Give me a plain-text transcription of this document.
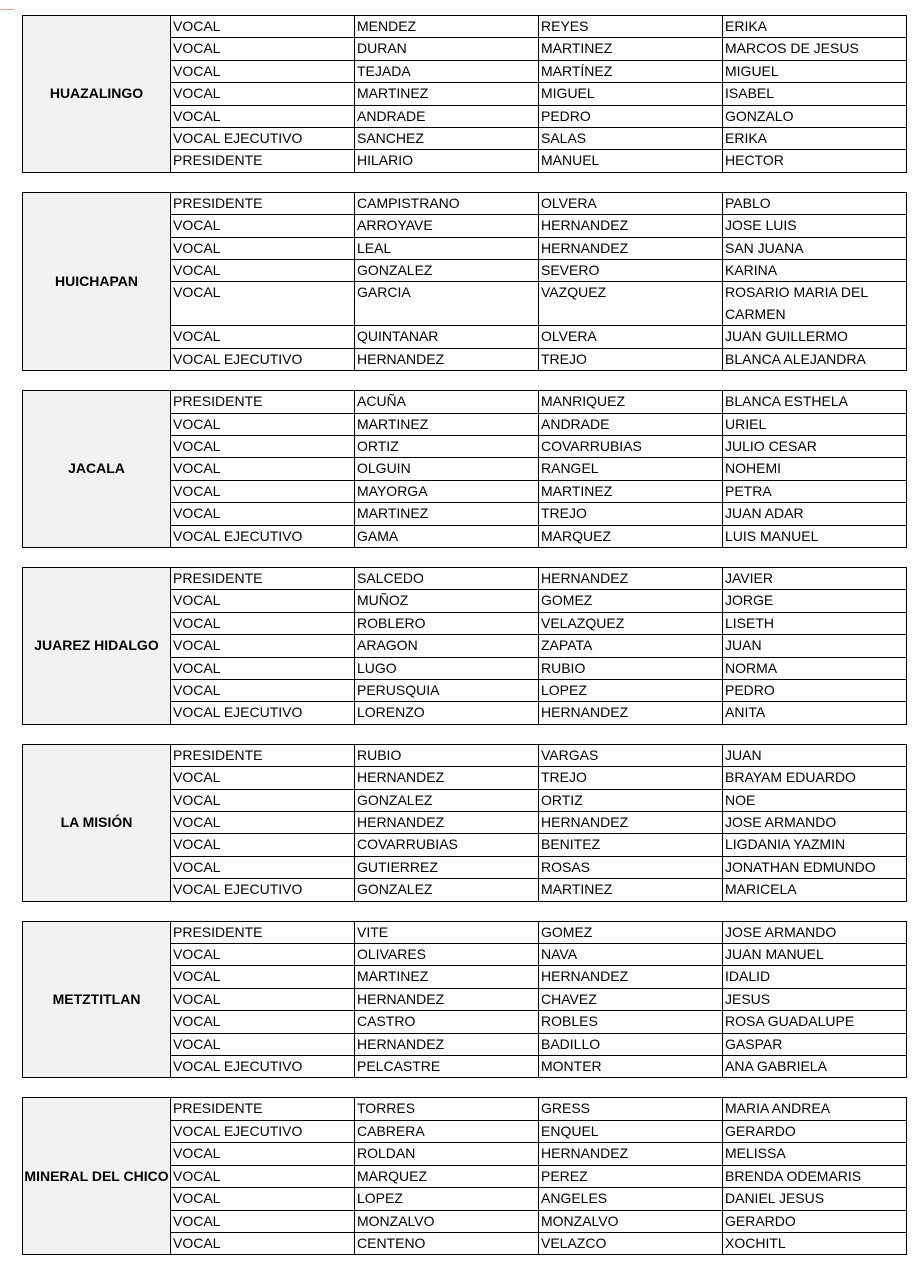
HUAZALINGO	VOCAL	MENDEZ	REYES	ERIKA
	VOCAL	DURAN	MARTINEZ	MARCOS DE JESUS
	VOCAL	TEJADA	MARTÍNEZ	MIGUEL
	VOCAL	MARTINEZ	MIGUEL	ISABEL
	VOCAL	ANDRADE	PEDRO	GONZALO
	VOCAL EJECUTIVO	SANCHEZ	SALAS	ERIKA
	PRESIDENTE	HILARIO	MANUEL	HECTOR
HUICHAPAN	PRESIDENTE	CAMPISTRANO	OLVERA	PABLO
	VOCAL	ARROYAVE	HERNANDEZ	JOSE LUIS
	VOCAL	LEAL	HERNANDEZ	SAN JUANA
	VOCAL	GONZALEZ	SEVERO	KARINA
	VOCAL	GARCIA	VAZQUEZ	ROSARIO MARIA DEL CARMEN
	VOCAL	QUINTANAR	OLVERA	JUAN GUILLERMO
	VOCAL EJECUTIVO	HERNANDEZ	TREJO	BLANCA ALEJANDRA
JACALA	PRESIDENTE	ACUÑA	MANRIQUEZ	BLANCA ESTHELA
	VOCAL	MARTINEZ	ANDRADE	URIEL
	VOCAL	ORTIZ	COVARRUBIAS	JULIO CESAR
	VOCAL	OLGUIN	RANGEL	NOHEMI
	VOCAL	MAYORGA	MARTINEZ	PETRA
	VOCAL	MARTINEZ	TREJO	JUAN ADAR
	VOCAL EJECUTIVO	GAMA	MARQUEZ	LUIS MANUEL
JUAREZ HIDALGO	PRESIDENTE	SALCEDO	HERNANDEZ	JAVIER
	VOCAL	MUÑOZ	GOMEZ	JORGE
	VOCAL	ROBLERO	VELAZQUEZ	LISETH
	VOCAL	ARAGON	ZAPATA	JUAN
	VOCAL	LUGO	RUBIO	NORMA
	VOCAL	PERUSQUIA	LOPEZ	PEDRO
	VOCAL EJECUTIVO	LORENZO	HERNANDEZ	ANITA
LA MISIÓN	PRESIDENTE	RUBIO	VARGAS	JUAN
	VOCAL	HERNANDEZ	TREJO	BRAYAM EDUARDO
	VOCAL	GONZALEZ	ORTIZ	NOE
	VOCAL	HERNANDEZ	HERNANDEZ	JOSE ARMANDO
	VOCAL	COVARRUBIAS	BENITEZ	LIGDANIA YAZMIN
	VOCAL	GUTIERREZ	ROSAS	JONATHAN EDMUNDO
	VOCAL EJECUTIVO	GONZALEZ	MARTINEZ	MARICELA
METZTITLAN	PRESIDENTE	VITE	GOMEZ	JOSE ARMANDO
	VOCAL	OLIVARES	NAVA	JUAN MANUEL
	VOCAL	MARTINEZ	HERNANDEZ	IDALID
	VOCAL	HERNANDEZ	CHAVEZ	JESUS
	VOCAL	CASTRO	ROBLES	ROSA GUADALUPE
	VOCAL	HERNANDEZ	BADILLO	GASPAR
	VOCAL EJECUTIVO	PELCASTRE	MONTER	ANA GABRIELA
MINERAL DEL CHICO	PRESIDENTE	TORRES	GRESS	MARIA ANDREA
	VOCAL EJECUTIVO	CABRERA	ENQUEL	GERARDO
	VOCAL	ROLDAN	HERNANDEZ	MELISSA
	VOCAL	MARQUEZ	PEREZ	BRENDA ODEMARIS
	VOCAL	LOPEZ	ANGELES	DANIEL JESUS
	VOCAL	MONZALVO	MONZALVO	GERARDO
	VOCAL	CENTENO	VELAZCO	XOCHITL
